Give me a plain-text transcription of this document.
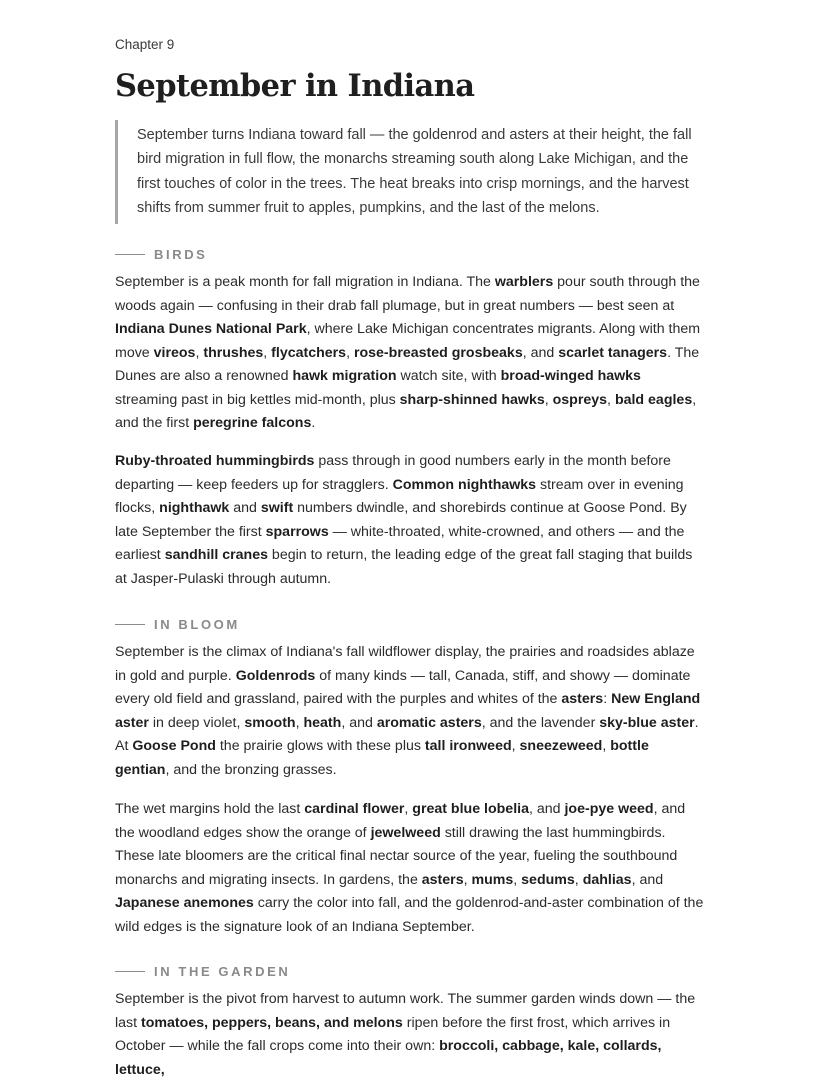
Chapter 9
September in Indiana
September turns Indiana toward fall — the goldenrod and asters at their height, the fall bird migration in full flow, the monarchs streaming south along Lake Michigan, and the first touches of color in the trees. The heat breaks into crisp mornings, and the harvest shifts from summer fruit to apples, pumpkins, and the last of the melons.
BIRDS

September is a peak month for fall migration in Indiana. The warblers pour south through the woods again — confusing in their drab fall plumage, but in great numbers — best seen at Indiana Dunes National Park, where Lake Michigan concentrates migrants. Along with them move vireos, thrushes, flycatchers, rose-breasted grosbeaks, and scarlet tanagers. The Dunes are also a renowned hawk migration watch site, with broad-winged hawks streaming past in big kettles mid-month, plus sharp-shinned hawks, ospreys, bald eagles, and the first peregrine falcons.

Ruby-throated hummingbirds pass through in good numbers early in the month before departing — keep feeders up for stragglers. Common nighthawks stream over in evening flocks, nighthawk and swift numbers dwindle, and shorebirds continue at Goose Pond. By late September the first sparrows — white-throated, white-crowned, and others — and the earliest sandhill cranes begin to return, the leading edge of the great fall staging that builds at Jasper-Pulaski through autumn.

IN BLOOM

September is the climax of Indiana's fall wildflower display, the prairies and roadsides ablaze in gold and purple. Goldenrods of many kinds — tall, Canada, stiff, and showy — dominate every old field and grassland, paired with the purples and whites of the asters: New England aster in deep violet, smooth, heath, and aromatic asters, and the lavender sky-blue aster. At Goose Pond the prairie glows with these plus tall ironweed, sneezeweed, bottle gentian, and the bronzing grasses.

The wet margins hold the last cardinal flower, great blue lobelia, and joe-pye weed, and the woodland edges show the orange of jewelweed still drawing the last hummingbirds. These late bloomers are the critical final nectar source of the year, fueling the southbound monarchs and migrating insects. In gardens, the asters, mums, sedums, dahlias, and Japanese anemones carry the color into fall, and the goldenrod-and-aster combination of the wild edges is the signature look of an Indiana September.

IN THE GARDEN

September is the pivot from harvest to autumn work. The summer garden winds down — the last tomatoes, peppers, beans, and melons ripen before the first frost, which arrives in October — while the fall crops come into their own: broccoli, cabbage, kale, collards, lettuce,
